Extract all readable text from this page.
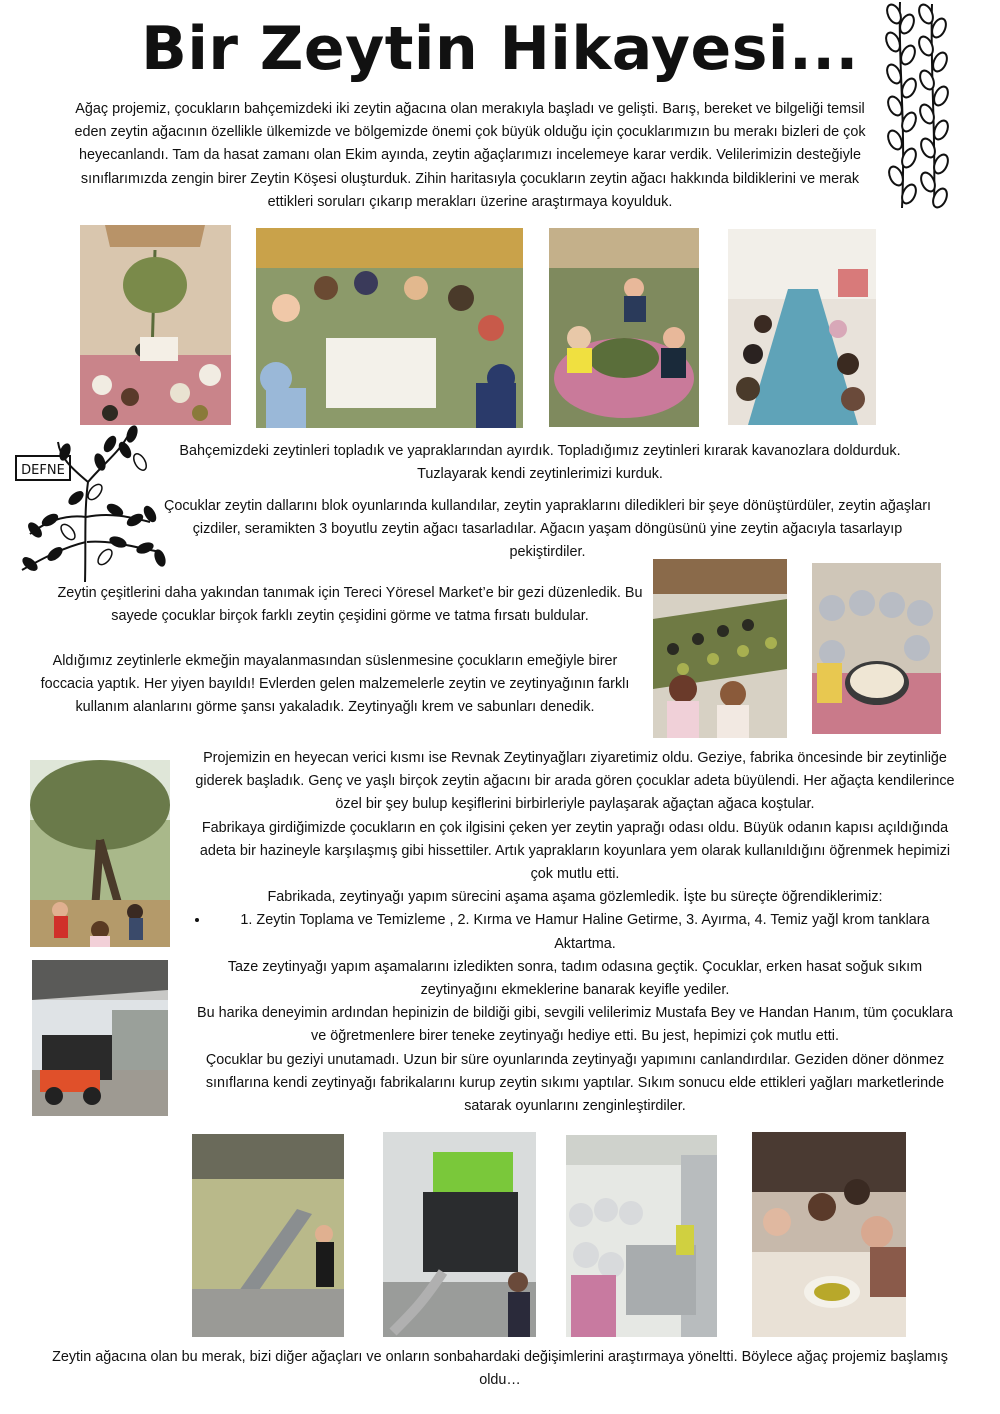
Bir Zeytin Hikayesi...

Ağaç projemiz, çocukların bahçemizdeki iki zeytin ağacına olan merakıyla başladı ve gelişti. Barış, bereket ve bilgeliği temsil eden zeytin ağacının özellikle ülkemizde ve bölgemizde önemi çok büyük olduğu için çocuklarımızın bu merakı bizleri de çok heyecanlandı. Tam da hasat zamanı olan Ekim ayında, zeytin ağaçlarımızı incelemeye karar verdik. Velilerimizin desteğiyle sınıflarımızda zengin birer Zeytin Köşesi oluşturduk. Zihin haritasıyla çocukların zeytin ağacı hakkında bildiklerini ve merak ettikleri soruları çıkarıp merakları üzerine araştırmaya koyulduk.

DEFNE

Bahçemizdeki zeytinleri topladık ve yapraklarından ayırdık. Topladığımız zeytinleri kırarak kavanozlara doldurduk. Tuzlayarak kendi zeytinlerimizi kurduk.

Çocuklar zeytin dallarını blok oyunlarında kullandılar, zeytin yapraklarını diledikleri bir şeye dönüştürdüler, zeytin ağaşları çizdiler, seramikten 3 boyutlu zeytin ağacı tasarladılar. Ağacın yaşam döngüsünü yine zeytin ağacıyla tasarlayıp pekiştirdiler.

Zeytin çeşitlerini daha yakından tanımak için Tereci Yöresel Market’e bir gezi düzenledik. Bu sayede çocuklar birçok farklı zeytin çeşidini görme ve tatma fırsatı buldular.

Aldığımız zeytinlerle ekmeğin mayalanmasından süslenmesine çocukların emeğiyle birer foccacia yaptık. Her yiyen bayıldı! Evlerden gelen malzemelerle zeytin ve zeytinyağının farklı kullanım alanlarını görme şansı yakaladık. Zeytinyağlı krem ve sabunları denedik.

Projemizin en heyecan verici kısmı ise Revnak Zeytinyağları ziyaretimiz oldu. Geziye, fabrika öncesinde bir zeytinliğe giderek başladık. Genç ve yaşlı birçok zeytin ağacını bir arada gören çocuklar adeta büyülendi. Her ağaçta kendilerince özel bir şey bulup keşiflerini birbirleriyle paylaşarak ağaçtan ağaca koştular.

Fabrikaya girdiğimizde çocukların en çok ilgisini çeken yer zeytin yaprağı odası oldu. Büyük odanın kapısı açıldığında adeta bir hazineyle karşılaşmış gibi hissettiler. Artık yaprakların koyunlara yem olarak kullanıldığını öğrenmek hepimizi çok mutlu etti.

Fabrikada, zeytinyağı yapım sürecini aşama aşama gözlemledik. İşte bu süreçte öğrendiklerimiz:

• 1. Zeytin Toplama ve Temizleme , 2. Kırma ve Hamur Haline Getirme, 3. Ayırma, 4. Temiz yağl krom tanklara Aktartma.

Taze zeytinyağı yapım aşamalarını izledikten sonra, tadım odasına geçtik. Çocuklar, erken hasat soğuk sıkım zeytinyağını ekmeklerine banarak keyifle yediler.

Bu harika deneyimin ardından hepinizin de bildiği gibi, sevgili velilerimiz Mustafa Bey ve Handan Hanım, tüm çocuklara ve öğretmenlere birer teneke zeytinyağı hediye etti. Bu jest, hepimizi çok mutlu etti.

Çocuklar bu geziyi unutamadı. Uzun bir süre oyunlarında zeytinyağı yapımını canlandırdılar. Geziden döner dönmez sınıflarına kendi zeytinyağı fabrikalarını kurup zeytin sıkımı yaptılar. Sıkım sonucu elde ettikleri yağları marketlerinde satarak oyunlarını zenginleştirdiler.

Zeytin ağacına olan bu merak, bizi diğer ağaçları ve onların sonbahardaki değişimlerini araştırmaya yöneltti. Böylece ağaç projemiz başlamış oldu…
